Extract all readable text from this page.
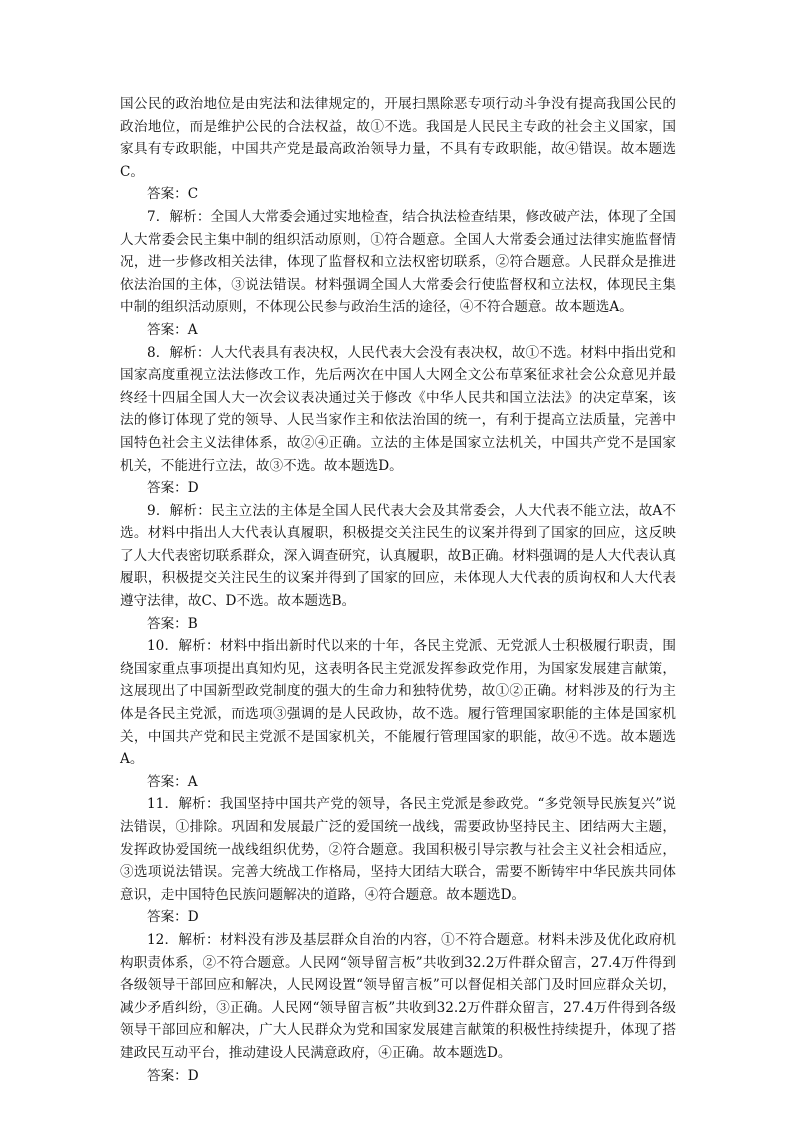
国公民的政治地位是由宪法和法律规定的，开展扫黑除恶专项行动斗争没有提高我国公民的政治地位，而是维护公民的合法权益，故①不选。我国是人民民主专政的社会主义国家，国家具有专政职能，中国共产党是最高政治领导力量，不具有专政职能，故④错误。故本题选C。

答案：C

7．解析：全国人大常委会通过实地检查，结合执法检查结果，修改破产法，体现了全国人大常委会民主集中制的组织活动原则，①符合题意。全国人大常委会通过法律实施监督情况，进一步修改相关法律，体现了监督权和立法权密切联系，②符合题意。人民群众是推进依法治国的主体，③说法错误。材料强调全国人大常委会行使监督权和立法权，体现民主集中制的组织活动原则，不体现公民参与政治生活的途径，④不符合题意。故本题选A。

答案：A

8．解析：人大代表具有表决权，人民代表大会没有表决权，故①不选。材料中指出党和国家高度重视立法法修改工作，先后两次在中国人大网全文公布草案征求社会公众意见并最终经十四届全国人大一次会议表决通过关于修改《中华人民共和国立法法》的决定草案，该法的修订体现了党的领导、人民当家作主和依法治国的统一，有利于提高立法质量，完善中国特色社会主义法律体系，故②④正确。立法的主体是国家立法机关，中国共产党不是国家机关，不能进行立法，故③不选。故本题选D。

答案：D

9．解析：民主立法的主体是全国人民代表大会及其常委会，人大代表不能立法，故A不选。材料中指出人大代表认真履职，积极提交关注民生的议案并得到了国家的回应，这反映了人大代表密切联系群众，深入调查研究，认真履职，故B正确。材料强调的是人大代表认真履职，积极提交关注民生的议案并得到了国家的回应，未体现人大代表的质询权和人大代表遵守法律，故C、D不选。故本题选B。

答案：B

10．解析：材料中指出新时代以来的十年，各民主党派、无党派人士积极履行职责，围绕国家重点事项提出真知灼见，这表明各民主党派发挥参政党作用，为国家发展建言献策，这展现出了中国新型政党制度的强大的生命力和独特优势，故①②正确。材料涉及的行为主体是各民主党派，而选项③强调的是人民政协，故不选。履行管理国家职能的主体是国家机关，中国共产党和民主党派不是国家机关，不能履行管理国家的职能，故④不选。故本题选A。

答案：A

11．解析：我国坚持中国共产党的领导，各民主党派是参政党。“多党领导民族复兴”说法错误，①排除。巩固和发展最广泛的爱国统一战线，需要政协坚持民主、团结两大主题，发挥政协爱国统一战线组织优势，②符合题意。我国积极引导宗教与社会主义社会相适应，③选项说法错误。完善大统战工作格局，坚持大团结大联合，需要不断铸牢中华民族共同体意识，走中国特色民族问题解决的道路，④符合题意。故本题选D。

答案：D

12．解析：材料没有涉及基层群众自治的内容，①不符合题意。材料未涉及优化政府机构职责体系，②不符合题意。人民网“领导留言板”共收到32.2万件群众留言，27.4万件得到各级领导干部回应和解决，人民网设置“领导留言板”可以督促相关部门及时回应群众关切，减少矛盾纠纷，③正确。人民网“领导留言板”共收到32.2万件群众留言，27.4万件得到各级领导干部回应和解决，广大人民群众为党和国家发展建言献策的积极性持续提升，体现了搭建政民互动平台，推动建设人民满意政府，④正确。故本题选D。

答案：D
